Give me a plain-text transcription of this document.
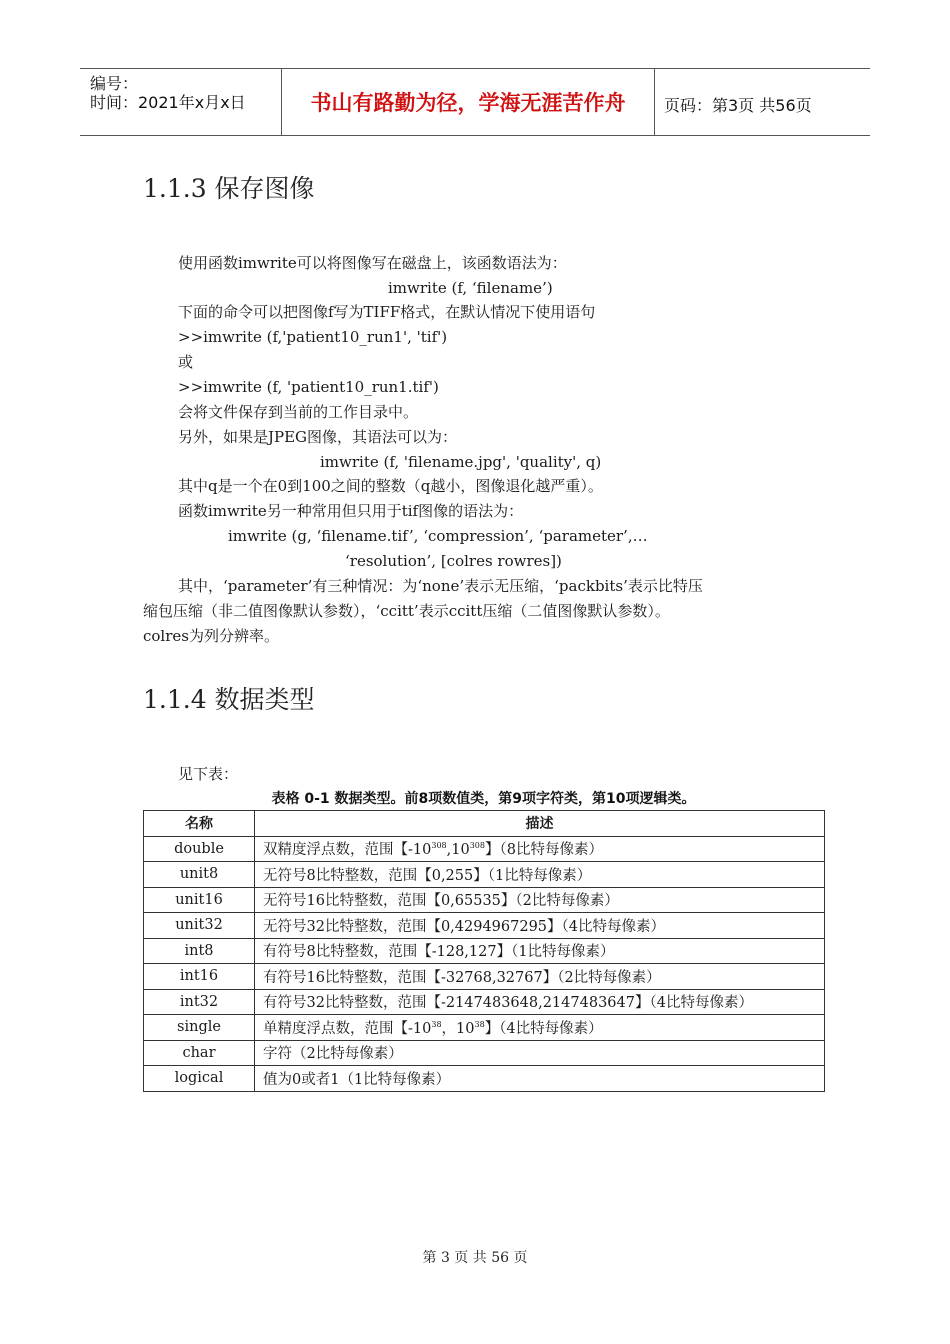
编号：
时间：2021年x月x日	书山有路勤为径，学海无涯苦作舟	页码：第3页 共56页
1.1.3 保存图像
使用函数imwrite可以将图像写在磁盘上，该函数语法为：
imwrite (f, ‘filename’)
下面的命令可以把图像f写为TIFF格式，在默认情况下使用语句
>>imwrite (f,'patient10_run1', 'tif')
或
>>imwrite (f, 'patient10_run1.tif')
会将文件保存到当前的工作目录中。
另外，如果是JPEG图像，其语法可以为：
imwrite (f, 'filename.jpg', 'quality', q)
其中q是一个在0到100之间的整数（q越小，图像退化越严重）。
函数imwrite另一种常用但只用于tif图像的语法为：
imwrite (g, ‘filename.tif’, ‘compression’, ‘parameter’,…
‘resolution’, [colres rowres])
其中，‘parameter’有三种情况：为‘none’表示无压缩，‘packbits’表示比特压
缩包压缩（非二值图像默认参数），‘ccitt’表示ccitt压缩（二值图像默认参数）。
colres为列分辨率。
1.1.4 数据类型
见下表：
表格 0-1 数据类型。前8项数值类，第9项字符类，第10项逻辑类。
名称	描述
double	双精度浮点数，范围【$-10^{308},10^{308}$】（8比特每像素）
unit8	无符号8比特整数，范围【0,255】（1比特每像素）
unit16	无符号16比特整数，范围【0,65535】（2比特每像素）
unit32	无符号32比特整数，范围【0,4294967295】（4比特每像素）
int8	有符号8比特整数，范围【-128,127】（1比特每像素）
int16	有符号16比特整数，范围【-32768,32767】（2比特每像素）
int32	有符号32比特整数，范围【-2147483648,2147483647】（4比特每像素）
single	单精度浮点数，范围【$-10^{38}$，$10^{38}$】（4比特每像素）
char	字符（2比特每像素）
logical	值为0或者1（1比特每像素）
第 3 页 共 56 页
